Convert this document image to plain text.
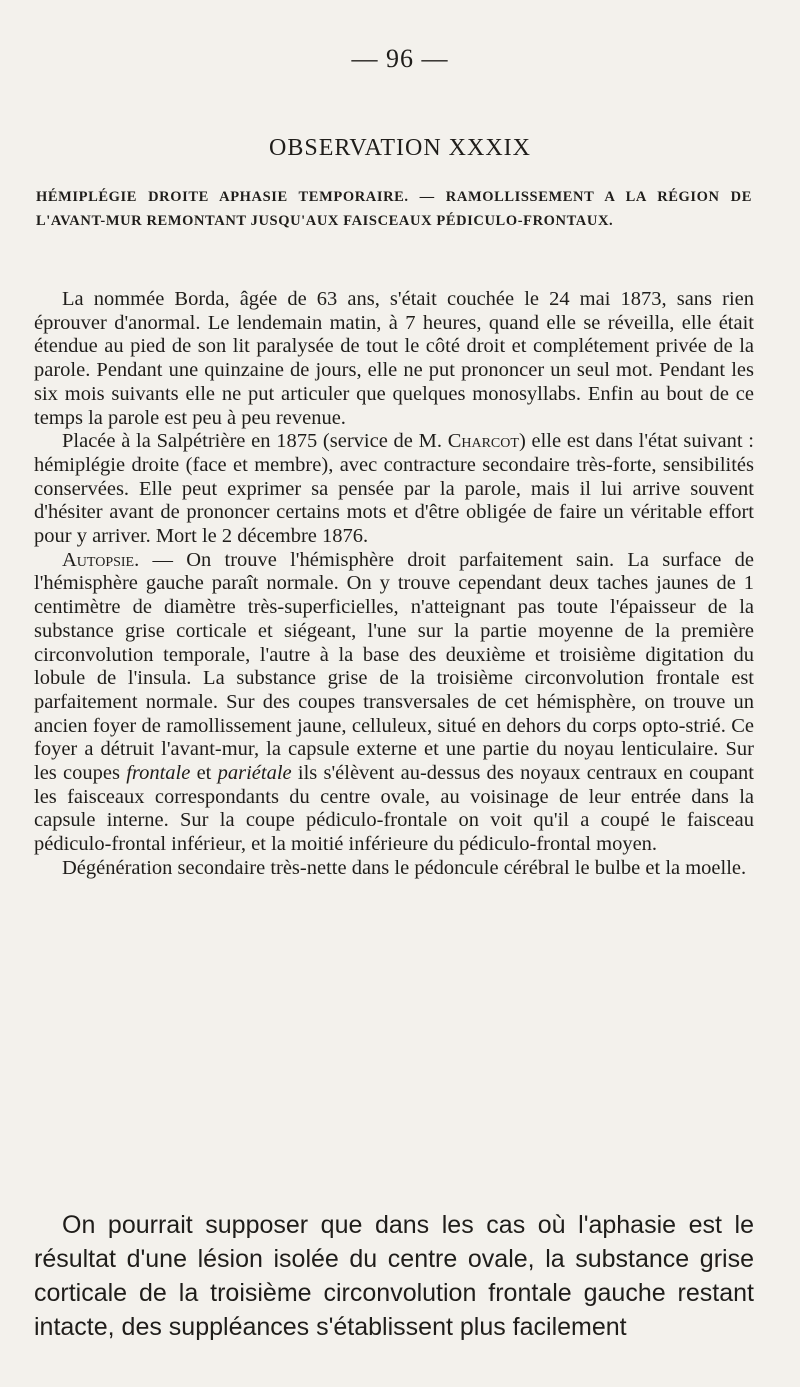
— 96 —
OBSERVATION XXXIX
HÉMIPLÉGIE DROITE APHASIE TEMPORAIRE. — RAMOLLISSEMENT A LA RÉGION DE L'AVANT-MUR REMONTANT JUSQU'AUX FAISCEAUX PÉDICULO-FRONTAUX.

La nommée Borda, âgée de 63 ans, s'était couchée le 24 mai 1873, sans rien éprouver d'anormal. Le lendemain matin, à 7 heures, quand elle se réveilla, elle était étendue au pied de son lit paralysée de tout le côté droit et complétement privée de la parole. Pendant une quinzaine de jours, elle ne put prononcer un seul mot. Pendant les six mois suivants elle ne put articuler que quelques monosyllabs. Enfin au bout de ce temps la parole est peu à peu revenue.

Placée à la Salpétrière en 1875 (service de M. Charcot) elle est dans l'état suivant : hémiplégie droite (face et membre), avec contracture secondaire très-forte, sensibilités conservées. Elle peut exprimer sa pensée par la parole, mais il lui arrive souvent d'hésiter avant de prononcer certains mots et d'être obligée de faire un véritable effort pour y arriver. Mort le 2 décembre 1876.

Autopsie. — On trouve l'hémisphère droit parfaitement sain. La surface de l'hémisphère gauche paraît normale. On y trouve cependant deux taches jaunes de 1 centimètre de diamètre très-superficielles, n'atteignant pas toute l'épaisseur de la substance grise corticale et siégeant, l'une sur la partie moyenne de la première circonvolution temporale, l'autre à la base des deuxième et troisième digitation du lobule de l'insula. La substance grise de la troisième circonvolution frontale est parfaitement normale. Sur des coupes transversales de cet hémisphère, on trouve un ancien foyer de ramollissement jaune, celluleux, situé en dehors du corps opto-strié. Ce foyer a détruit l'avant-mur, la capsule externe et une partie du noyau lenticulaire. Sur les coupes frontale et pariétale ils s'élèvent au-dessus des noyaux centraux en coupant les faisceaux correspondants du centre ovale, au voisinage de leur entrée dans la capsule interne. Sur la coupe pédiculo-frontale on voit qu'il a coupé le faisceau pédiculo-frontal inférieur, et la moitié inférieure du pédiculo-frontal moyen.

Dégénération secondaire très-nette dans le pédoncule cérébral le bulbe et la moelle.

On pourrait supposer que dans les cas où l'aphasie est le résultat d'une lésion isolée du centre ovale, la substance grise corticale de la troisième circonvolution frontale gauche restant intacte, des suppléances s'établissent plus facilement
